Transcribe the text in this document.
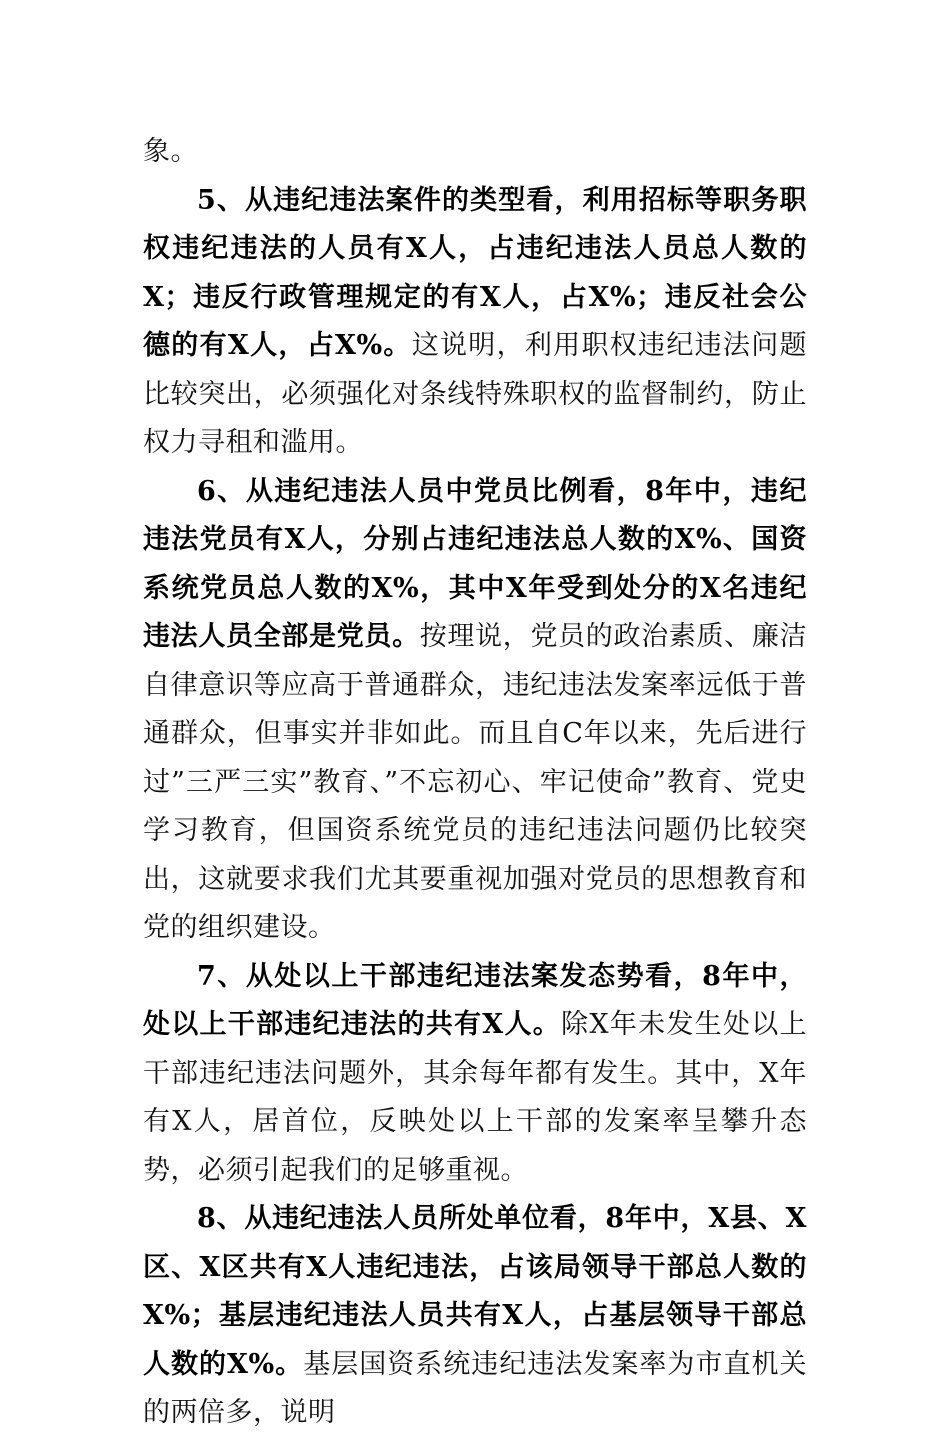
象。

5、从违纪违法案件的类型看，利用招标等职务职权违纪违法的人员有X人，占违纪违法人员总人数的X；违反行政管理规定的有X人，占X%；违反社会公德的有X人，占X%。这说明，利用职权违纪违法问题比较突出，必须强化对条线特殊职权的监督制约，防止权力寻租和滥用。

6、从违纪违法人员中党员比例看，8年中，违纪违法党员有X人，分别占违纪违法总人数的X%、国资系统党员总人数的X%，其中X年受到处分的X名违纪违法人员全部是党员。按理说，党员的政治素质、廉洁自律意识等应高于普通群众，违纪违法发案率远低于普通群众，但事实并非如此。而且自C年以来，先后进行过”三严三实”教育、”不忘初心、牢记使命”教育、党史学习教育，但国资系统党员的违纪违法问题仍比较突出，这就要求我们尤其要重视加强对党员的思想教育和党的组织建设。

7、从处以上干部违纪违法案发态势看，8年中，处以上干部违纪违法的共有X人。除X年未发生处以上干部违纪违法问题外，其余每年都有发生。其中，X年有X人，居首位，反映处以上干部的发案率呈攀升态势，必须引起我们的足够重视。

8、从违纪违法人员所处单位看，8年中，X县、X区、X区共有X人违纪违法，占该局领导干部总人数的X%；基层违纪违法人员共有X人，占基层领导干部总人数的X%。基层国资系统违纪违法发案率为市直机关的两倍多，说明
